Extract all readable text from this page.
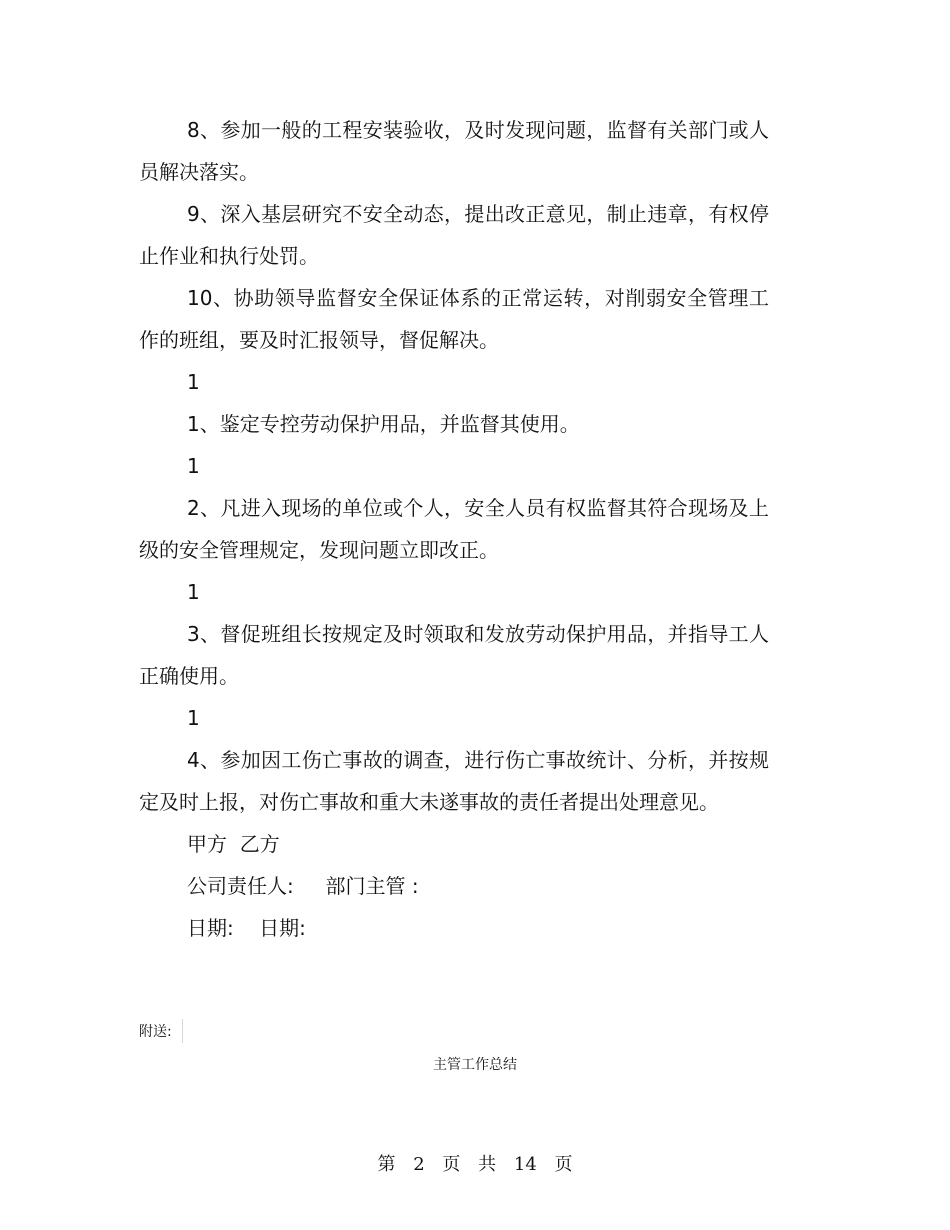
8、参加一般的工程安装验收，及时发现问题，监督有关部门或人员解决落实。

9、深入基层研究不安全动态，提出改正意见，制止违章，有权停止作业和执行处罚。

10、协助领导监督安全保证体系的正常运转，对削弱安全管理工作的班组，要及时汇报领导，督促解决。

1

1、鉴定专控劳动保护用品，并监督其使用。

1

2、凡进入现场的单位或个人，安全人员有权监督其符合现场及上级的安全管理规定，发现问题立即改正。

1

3、督促班组长按规定及时领取和发放劳动保护用品，并指导工人正确使用。

1

4、参加因工伤亡事故的调查，进行伤亡事故统计、分析，并按规定及时上报，对伤亡事故和重大未遂事故的责任者提出处理意见。

甲方  乙方

公司责任人:     部门主管 :

日期:    日期:

附送:
主管工作总结
第 2 页 共 14 页
